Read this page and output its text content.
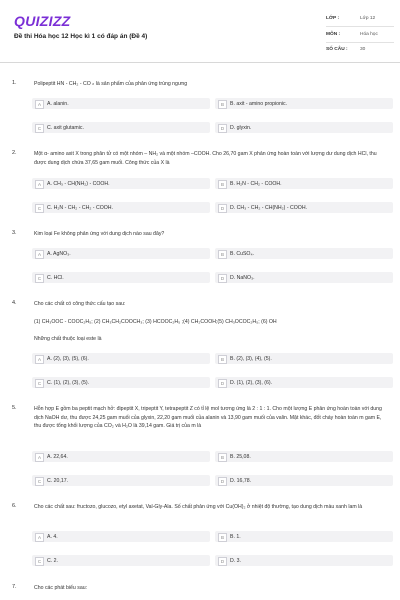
QUIZIZZ
Đề thi Hóa học 12 Học kì 1 có đáp án (Đề 4)
LỚP :	Lớp 12
MÔN :	Hóa học
SỐ CÂU :	30
1.	Polipeptit HN - CH₂ - CO ₙ là sản phẩm của phản ứng trùng ngưng
A	A. alanin.	B	B. axit - amino propionic.
C	C. axit glutamic.	D	D. glyxin.
2.	Một α- amino axit X trong phân tử có một nhóm – NH₂ và một nhóm –COOH. Cho 26,70 gam X phản ứng hoàn toàn với lượng dư dung dịch HCl, thu được dung dịch chứa 37,65 gam muối. Công thức của X là
A	A. CH₃ - CH(NH₂) - COOH.	B	B. H₂N - CH₂ - COOH.
C	C. H₂N - CH₂ - CH₂ - COOH.	D	D. CH₃ - CH₂ - CH(NH₂) - COOH.
3.	Kim loại Fe không phản ứng với dung dịch nào sau đây?
A	A. AgNO₃.	B	B. CuSO₄.
C	C. HCl.	D	D. NaNO₃.
4.	Cho các chất có công thức cấu tạo sau:
(1) CH₃OOC - COOC₂H₅; (2) CH₃CH₂COOCH₃; (3) HCOOC₂H₅ ;(4) CH₂COOH;(5) CH₃OCOC₂H₅; (6) OH
Những chất thuộc loại este là
A	A. (2), (3), (5), (6).	B	B. (2), (3), (4), (5).
C	C. (1), (2), (3), (5).	D	D. (1), (2), (3), (6).
5.	Hỗn hợp E gồm ba peptit mạch hở: đipeptit X, tripeptit Y, tetrapeptit Z có tỉ lệ mol tương ứng là 2 : 1 : 1. Cho một lượng E phản ứng hoàn toàn với dung dịch NaOH dư, thu được 24,25 gam muối của glyxin, 22,20 gam muối của alanin và 13,90 gam muối của valin. Mặt khác, đốt cháy hoàn toàn m gam E, thu được tổng khối lượng của CO₂ và H₂O là 39,14 gam. Giá trị của m là
A	A. 22,64.	B	B. 25,08.
C	C. 20,17.	D	D. 16,78.
6.	Cho các chất sau: fructozo, glucozo, etyl axetat, Val-Gly-Ala. Số chất phản ứng với Cu(OH)₂ ở nhiệt độ thường, tạo dung dịch màu xanh lam là
A	A. 4.	B	B. 1.
C	C. 2.	D	D. 3.
7.	Cho các phát biểu sau:
